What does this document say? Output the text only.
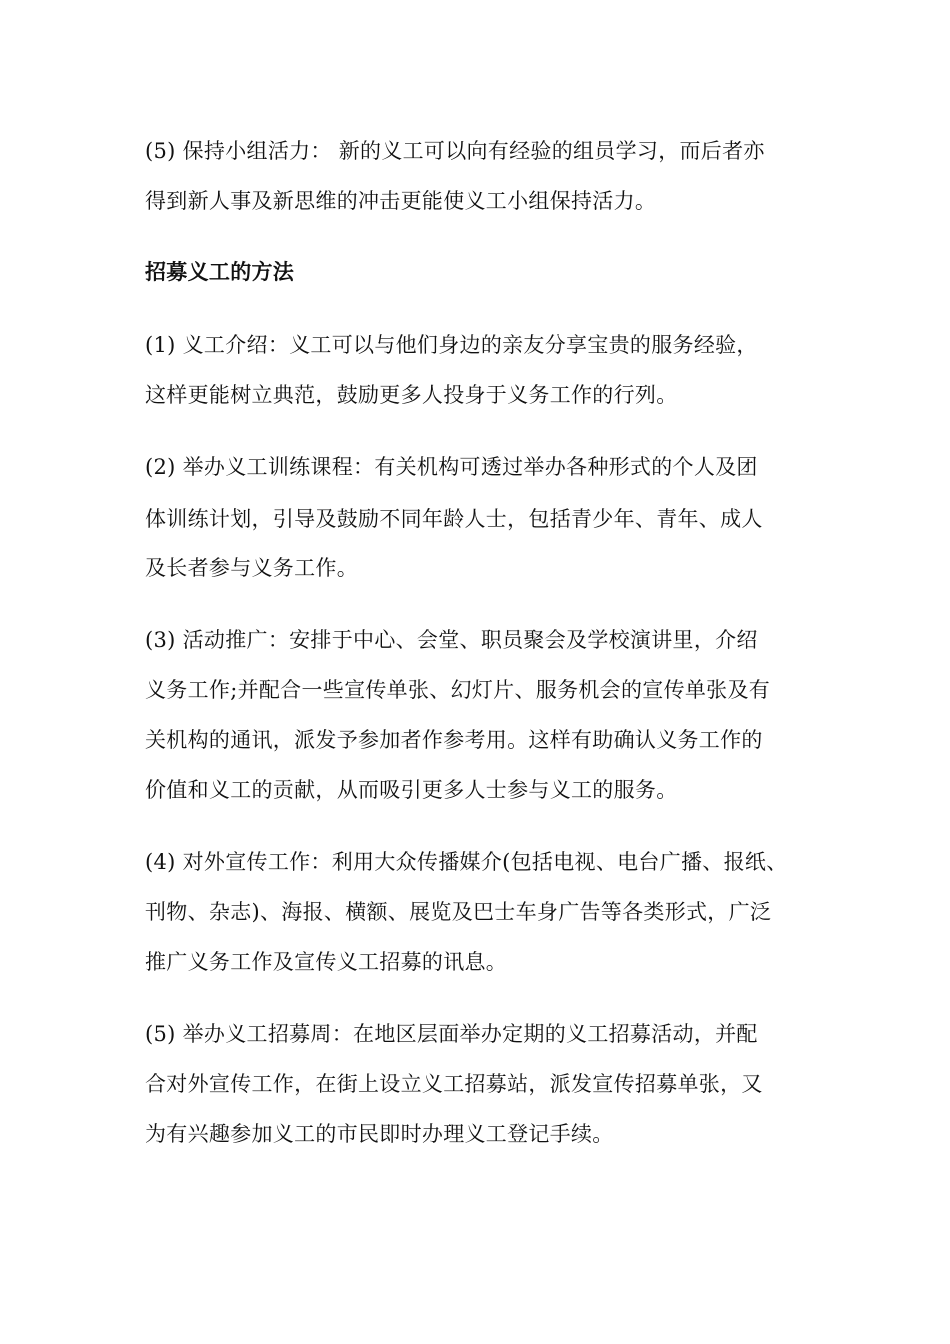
(5) 保持小组活力： 新的义工可以向有经验的组员学习，而后者亦
得到新人事及新思维的冲击更能使义工小组保持活力。
招募义工的方法
(1) 义工介绍：义工可以与他们身边的亲友分享宝贵的服务经验，
这样更能树立典范，鼓励更多人投身于义务工作的行列。
(2) 举办义工训练课程：有关机构可透过举办各种形式的个人及团
体训练计划，引导及鼓励不同年龄人士，包括青少年、青年、成人
及长者参与义务工作。
(3) 活动推广：安排于中心、会堂、职员聚会及学校演讲里，介绍
义务工作;并配合一些宣传单张、幻灯片、服务机会的宣传单张及有
关机构的通讯，派发予参加者作参考用。这样有助确认义务工作的
价值和义工的贡献，从而吸引更多人士参与义工的服务。
(4) 对外宣传工作：利用大众传播媒介(包括电视、电台广播、报纸、
刊物、杂志)、海报、横额、展览及巴士车身广告等各类形式，广泛
推广义务工作及宣传义工招募的讯息。
(5) 举办义工招募周：在地区层面举办定期的义工招募活动，并配
合对外宣传工作，在街上设立义工招募站，派发宣传招募单张，又
为有兴趣参加义工的市民即时办理义工登记手续。
